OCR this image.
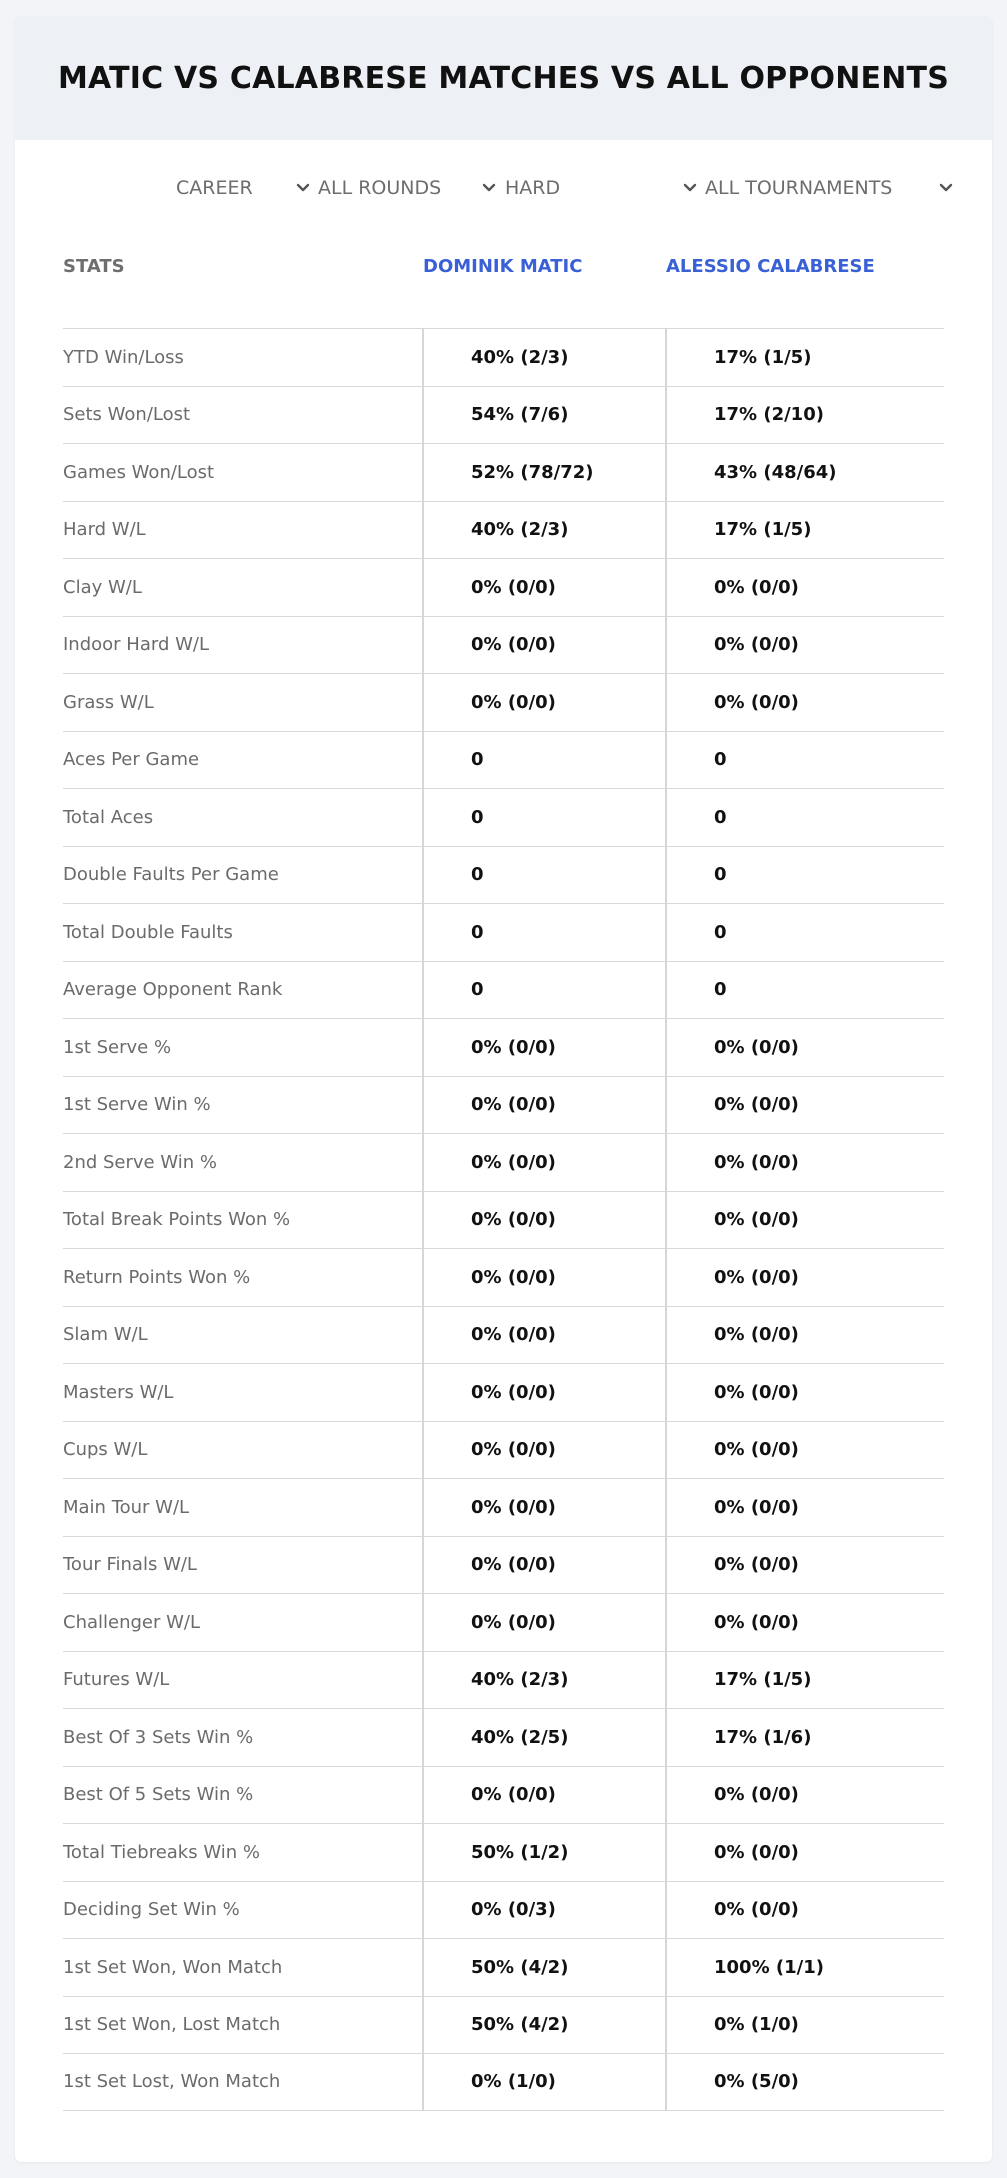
MATIC VS CALABRESE MATCHES VS ALL OPPONENTS
CAREER	ALL ROUNDS	HARD	ALL TOURNAMENTS
STATS	DOMINIK MATIC	ALESSIO CALABRESE
YTD Win/Loss	40% (2/3)	17% (1/5)
Sets Won/Lost	54% (7/6)	17% (2/10)
Games Won/Lost	52% (78/72)	43% (48/64)
Hard W/L	40% (2/3)	17% (1/5)
Clay W/L	0% (0/0)	0% (0/0)
Indoor Hard W/L	0% (0/0)	0% (0/0)
Grass W/L	0% (0/0)	0% (0/0)
Aces Per Game	0	0
Total Aces	0	0
Double Faults Per Game	0	0
Total Double Faults	0	0
Average Opponent Rank	0	0
1st Serve %	0% (0/0)	0% (0/0)
1st Serve Win %	0% (0/0)	0% (0/0)
2nd Serve Win %	0% (0/0)	0% (0/0)
Total Break Points Won %	0% (0/0)	0% (0/0)
Return Points Won %	0% (0/0)	0% (0/0)
Slam W/L	0% (0/0)	0% (0/0)
Masters W/L	0% (0/0)	0% (0/0)
Cups W/L	0% (0/0)	0% (0/0)
Main Tour W/L	0% (0/0)	0% (0/0)
Tour Finals W/L	0% (0/0)	0% (0/0)
Challenger W/L	0% (0/0)	0% (0/0)
Futures W/L	40% (2/3)	17% (1/5)
Best Of 3 Sets Win %	40% (2/5)	17% (1/6)
Best Of 5 Sets Win %	0% (0/0)	0% (0/0)
Total Tiebreaks Win %	50% (1/2)	0% (0/0)
Deciding Set Win %	0% (0/3)	0% (0/0)
1st Set Won, Won Match	50% (4/2)	100% (1/1)
1st Set Won, Lost Match	50% (4/2)	0% (1/0)
1st Set Lost, Won Match	0% (1/0)	0% (5/0)
